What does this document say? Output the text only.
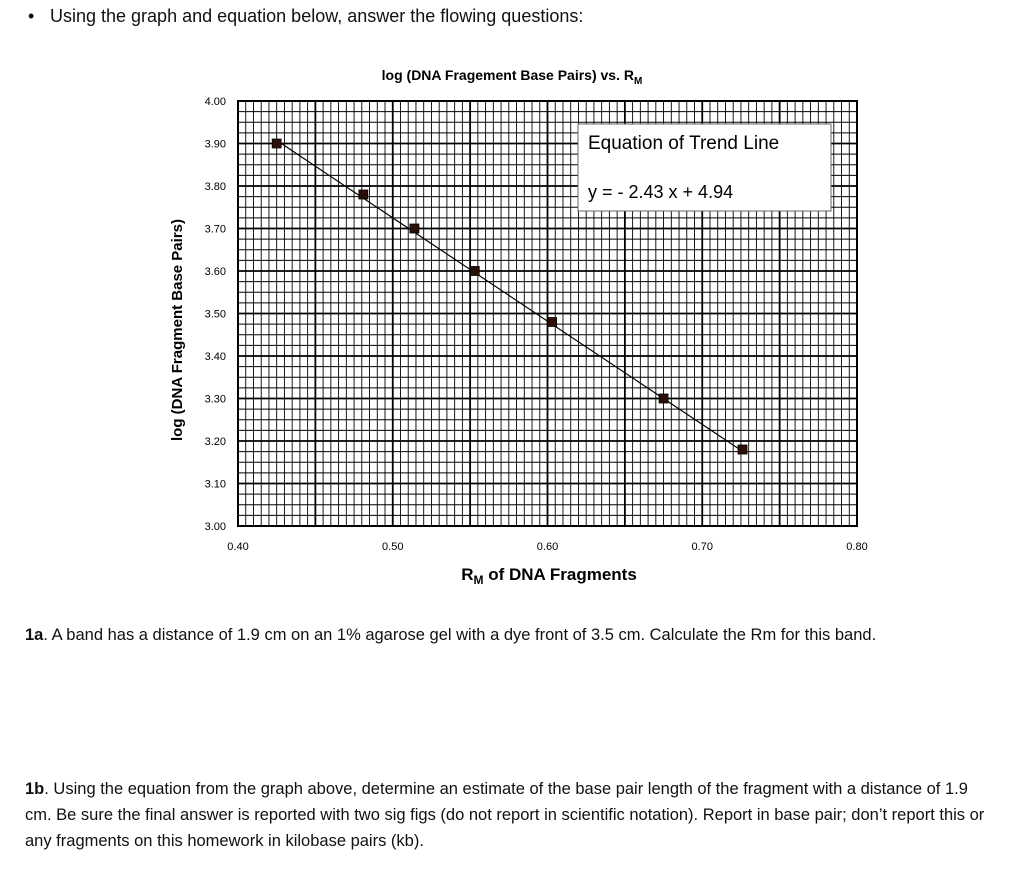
• Using the graph and equation below, answer the flowing questions:
log (DNA Fragement Base Pairs) vs. $R_M$
4.00
3.90
3.80
3.70
3.60
3.50
3.40
3.30
3.20
3.10
3.00
0.40	0.50	0.60	0.70	0.80
log (DNA Fragment Base Pairs)
$R_M$ of DNA Fragments
Equation of Trend Line
y = - 2.43 x + 4.94
1a. A band has a distance of 1.9 cm on an 1% agarose gel with a dye front of 3.5 cm. Calculate the Rm for this band.
1b. Using the equation from the graph above, determine an estimate of the base pair length of the fragment with a distance of 1.9 cm. Be sure the final answer is reported with two sig figs (do not report in scientific notation). Report in base pair; don’t report this or any fragments on this homework in kilobase pairs (kb).
